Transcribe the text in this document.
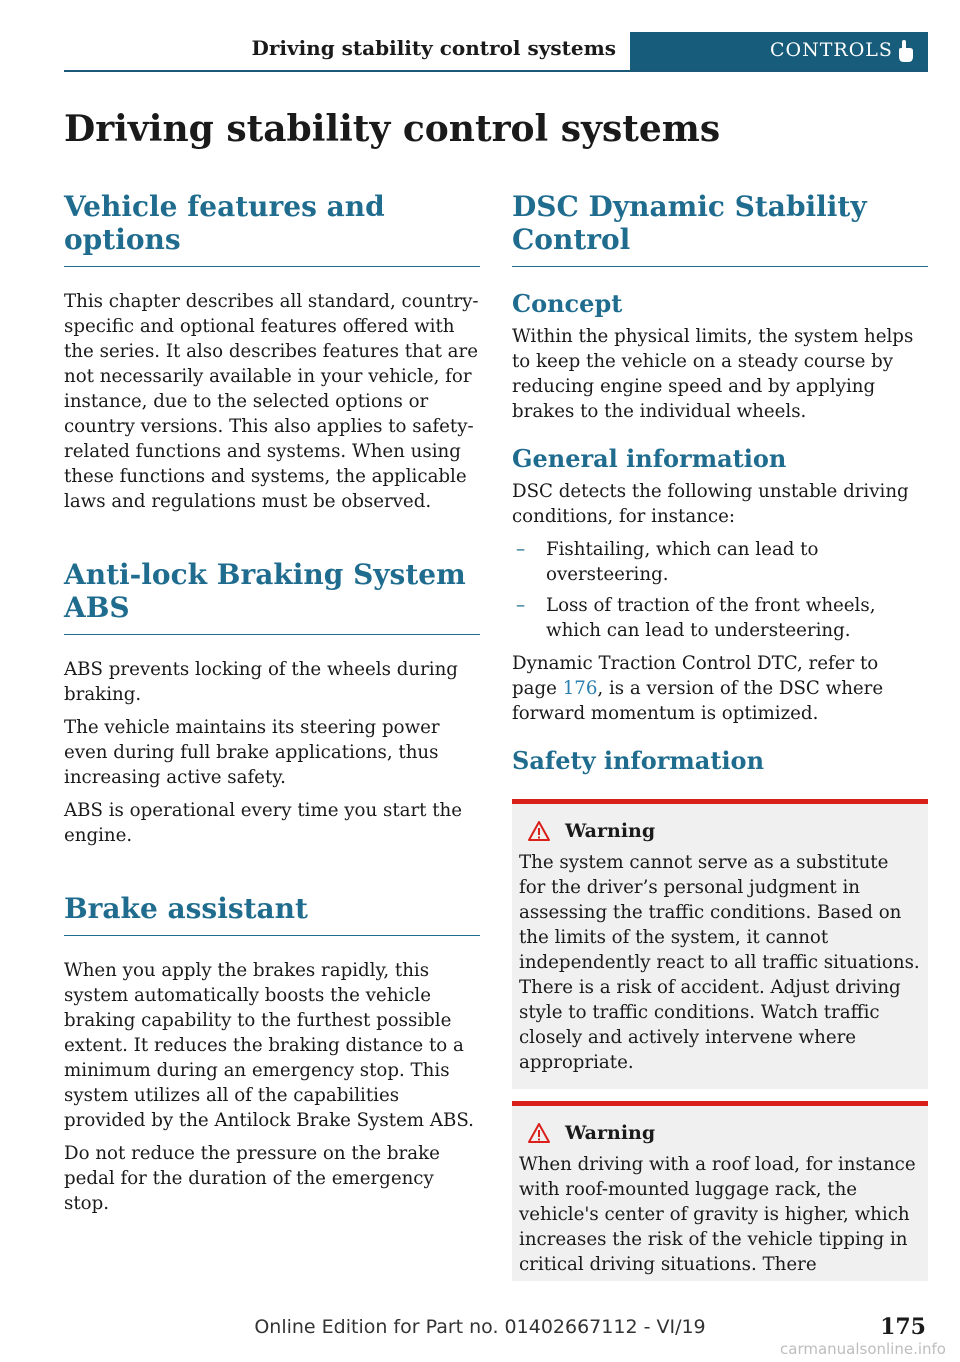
Driving stability control systems	CONTROLS
Driving stability control systems
Vehicle features and options

This chapter describes all standard, country-specific and optional features offered with the series. It also describes features that are not necessarily available in your vehicle, for instance, due to the selected options or country versions. This also applies to safety-related functions and systems. When using these functions and systems, the applicable laws and regulations must be observed.

Anti-lock Braking System ABS

ABS prevents locking of the wheels during braking.

The vehicle maintains its steering power even during full brake applications, thus increasing active safety.

ABS is operational every time you start the engine.

Brake assistant

When you apply the brakes rapidly, this system automatically boosts the vehicle braking capability to the furthest possible extent. It reduces the braking distance to a minimum during an emergency stop. This system utilizes all of the capabilities provided by the Antilock Brake System ABS.

Do not reduce the pressure on the brake pedal for the duration of the emergency stop.

DSC Dynamic Stability Control
Concept

Within the physical limits, the system helps to keep the vehicle on a steady course by reducing engine speed and by applying brakes to the individual wheels.

General information

DSC detects the following unstable driving conditions, for instance:

– Fishtailing, which can lead to oversteering.
– Loss of traction of the front wheels, which can lead to understeering.

Dynamic Traction Control DTC, refer to page 176, is a version of the DSC where forward momentum is optimized.

Safety information
Warning

The system cannot serve as a substitute for the driver’s personal judgment in assessing the traffic conditions. Based on the limits of the system, it cannot independently react to all traffic situations. There is a risk of accident. Adjust driving style to traffic conditions. Watch traffic closely and actively intervene where appropriate.

Warning

When driving with a roof load, for instance with roof-mounted luggage rack, the vehicle's center of gravity is higher, which increases the risk of the vehicle tipping in critical driving situations. There

Online Edition for Part no. 01402667112 - VI/19	175
carmanualsonline.info
